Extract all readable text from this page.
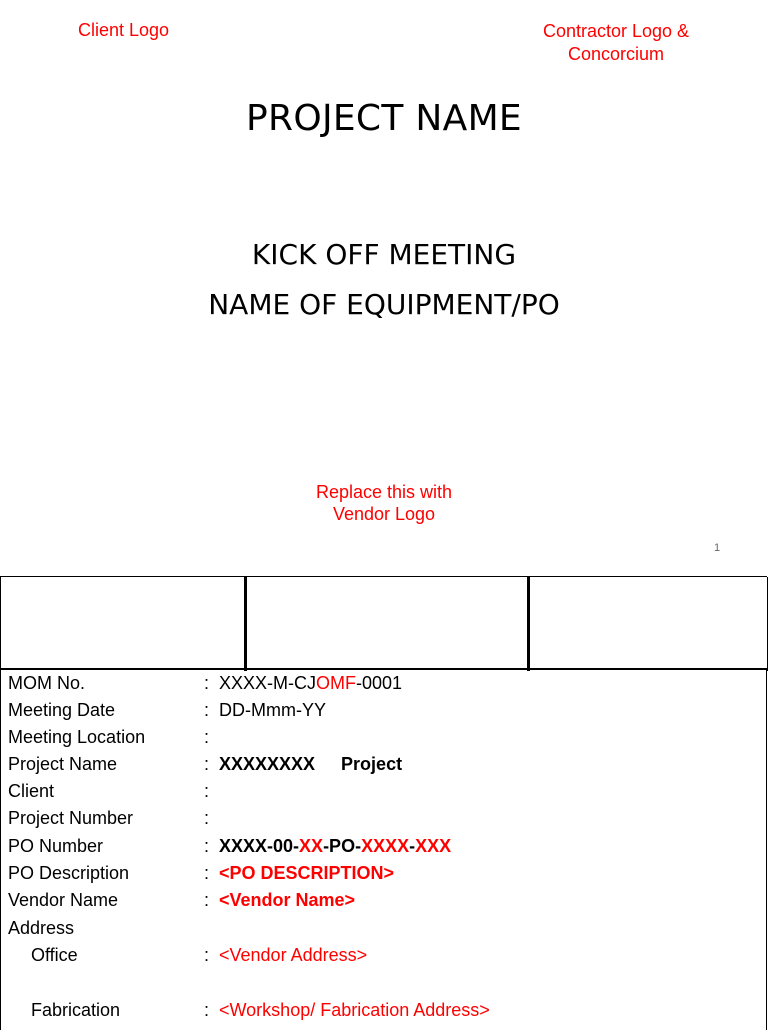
Client Logo	Contractor Logo &
Concorcium
PROJECT NAME
KICK OFF MEETING
NAME OF EQUIPMENT/PO
Replace this with
Vendor Logo
1
MOM No.	: XXXX-M-CJOMF-0001
Meeting Date	: DD-Mmm-YY
Meeting Location	:
Project Name	: XXXXXXXX Project
Client	:
Project Number	:
PO Number	: XXXX-00-XX-PO-XXXX-XXX
PO Description	: <PO DESCRIPTION>
Vendor Name	: <Vendor Name>
Address
Office	: <Vendor Address>
Fabrication	: <Workshop/ Fabrication Address>
